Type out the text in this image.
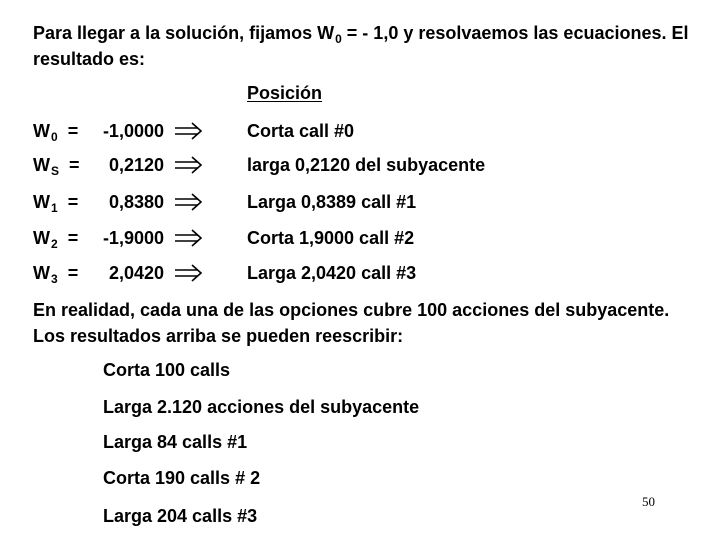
Para llegar a la solución, fijamos $W_0$ = - 1,0 y resolvaemos las ecuaciones. El resultado es:

Posición
$W_0 = -1,0000$	Corta call #0
$W_S = 0,2120$	larga 0,2120 del subyacente
$W_1 = 0,8380$	Larga 0,8389 call #1
$W_2 = -1,9000$	Corta 1,9000 call #2
$W_3 = 2,0420$	Larga 2,0420 call #3

En realidad, cada una de las opciones cubre 100 acciones del subyacente. Los resultados arriba se pueden reescribir:

Corta 100 calls
Larga 2.120 acciones del subyacente
Larga 84 calls #1
Corta 190 calls # 2
Larga 204 calls #3
50
